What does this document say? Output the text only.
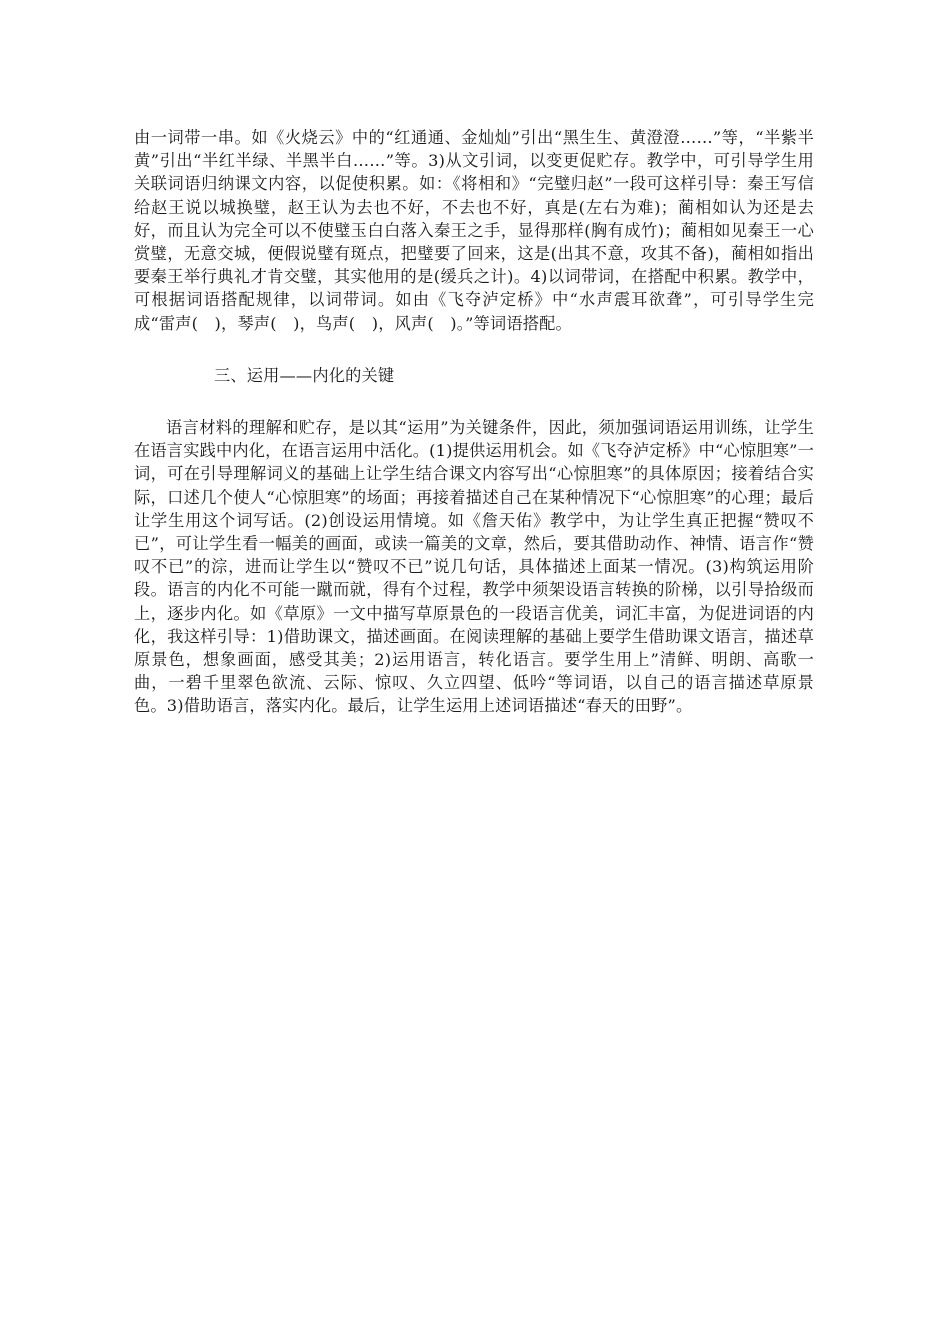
由一词带一串。如《火烧云》中的“红通通、金灿灿”引出“黑生生、黄澄澄……”等，“半紫半黄”引出“半红半绿、半黑半白……”等。3)从文引词，以变更促贮存。教学中，可引导学生用关联词语归纳课文内容，以促使积累。如：《将相和》“完璧归赵”一段可这样引导：秦王写信给赵王说以城换璧，赵王认为去也不好，不去也不好，真是(左右为难)；蔺相如认为还是去好，而且认为完全可以不使璧玉白白落入秦王之手，显得那样(胸有成竹)；蔺相如见秦王一心赏璧，无意交城，便假说璧有斑点，把璧要了回来，这是(出其不意，攻其不备)，蔺相如指出要秦王举行典礼才肯交璧，其实他用的是(缓兵之计)。4)以词带词，在搭配中积累。教学中，可根据词语搭配规律，以词带词。如由《飞夺泸定桥》中“水声震耳欲聋”，可引导学生完成“雷声(　)，琴声(　)，鸟声(　)，风声(　)。”等词语搭配。

三、运用——内化的关键

语言材料的理解和贮存，是以其“运用”为关键条件，因此，须加强词语运用训练，让学生在语言实践中内化，在语言运用中活化。(1)提供运用机会。如《飞夺泸定桥》中“心惊胆寒”一词，可在引导理解词义的基础上让学生结合课文内容写出“心惊胆寒”的具体原因；接着结合实际，口述几个使人“心惊胆寒”的场面；再接着描述自己在某种情况下“心惊胆寒”的心理；最后让学生用这个词写话。(2)创设运用情境。如《詹天佑》教学中，为让学生真正把握“赞叹不已”，可让学生看一幅美的画面，或读一篇美的文章，然后，要其借助动作、神情、语言作“赞叹不已”的淙，进而让学生以“赞叹不已”说几句话，具体描述上面某一情况。(3)构筑运用阶段。语言的内化不可能一蹴而就，得有个过程，教学中须架设语言转换的阶梯，以引导拾级而上，逐步内化。如《草原》一文中描写草原景色的一段语言优美，词汇丰富，为促进词语的内化，我这样引导：1)借助课文，描述画面。在阅读理解的基础上要学生借助课文语言，描述草原景色，想象画面，感受其美；2)运用语言，转化语言。要学生用上”清鲜、明朗、高歌一曲，一碧千里翠色欲流、云际、惊叹、久立四望、低吟“等词语，以自己的语言描述草原景色。3)借助语言，落实内化。最后，让学生运用上述词语描述“春天的田野”。
